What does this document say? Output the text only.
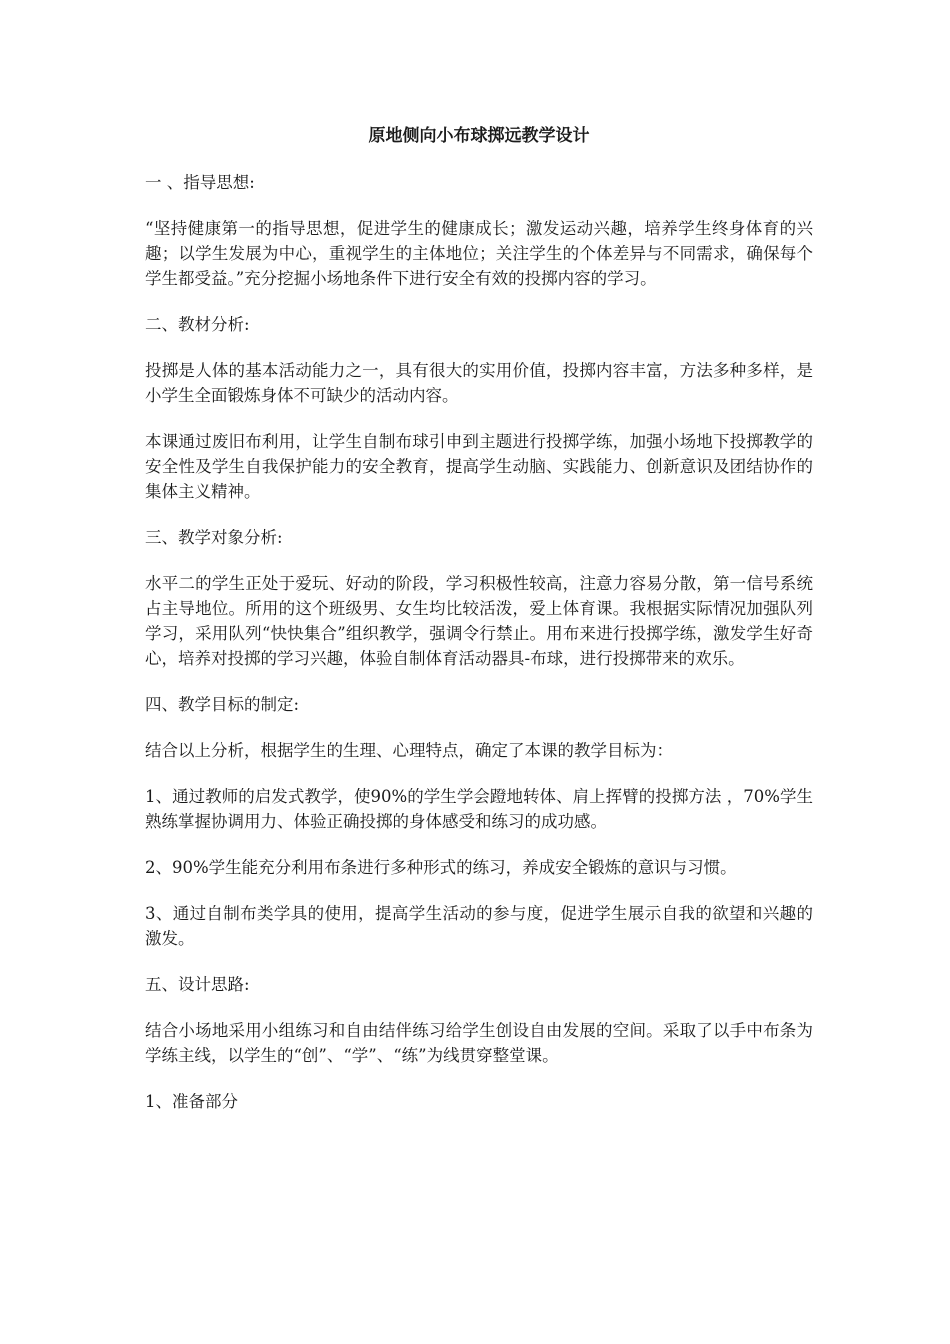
原地侧向小布球掷远教学设计
一 、指导思想:
“坚持健康第一的指导思想，促进学生的健康成长；激发运动兴趣，培养学生终身体育的兴趣；以学生发展为中心，重视学生的主体地位；关注学生的个体差异与不同需求，确保每个学生都受益。”充分挖掘小场地条件下进行安全有效的投掷内容的学习。
二、教材分析:
投掷是人体的基本活动能力之一，具有很大的实用价值，投掷内容丰富，方法多种多样，是小学生全面锻炼身体不可缺少的活动内容。
本课通过废旧布利用，让学生自制布球引申到主题进行投掷学练，加强小场地下投掷教学的安全性及学生自我保护能力的安全教育，提高学生动脑、实践能力、创新意识及团结协作的集体主义精神。
三、教学对象分析:
水平二的学生正处于爱玩、好动的阶段，学习积极性较高，注意力容易分散，第一信号系统占主导地位。所用的这个班级男、女生均比较活泼，爱上体育课。我根据实际情况加强队列学习，采用队列“快快集合”组织教学，强调令行禁止。用布来进行投掷学练，激发学生好奇心，培养对投掷的学习兴趣，体验自制体育活动器具-布球，进行投掷带来的欢乐。
四、教学目标的制定:
结合以上分析，根据学生的生理、心理特点，确定了本课的教学目标为：
1、通过教师的启发式教学，使90%的学生学会蹬地转体、肩上挥臂的投掷方法 ，70%学生熟练掌握协调用力、体验正确投掷的身体感受和练习的成功感。
2、90%学生能充分利用布条进行多种形式的练习，养成安全锻炼的意识与习惯。
3、通过自制布类学具的使用，提高学生活动的参与度，促进学生展示自我的欲望和兴趣的激发。
五、设计思路:
结合小场地采用小组练习和自由结伴练习给学生创设自由发展的空间。采取了以手中布条为学练主线，以学生的“创”、“学”、“练”为线贯穿整堂课。
1、准备部分
